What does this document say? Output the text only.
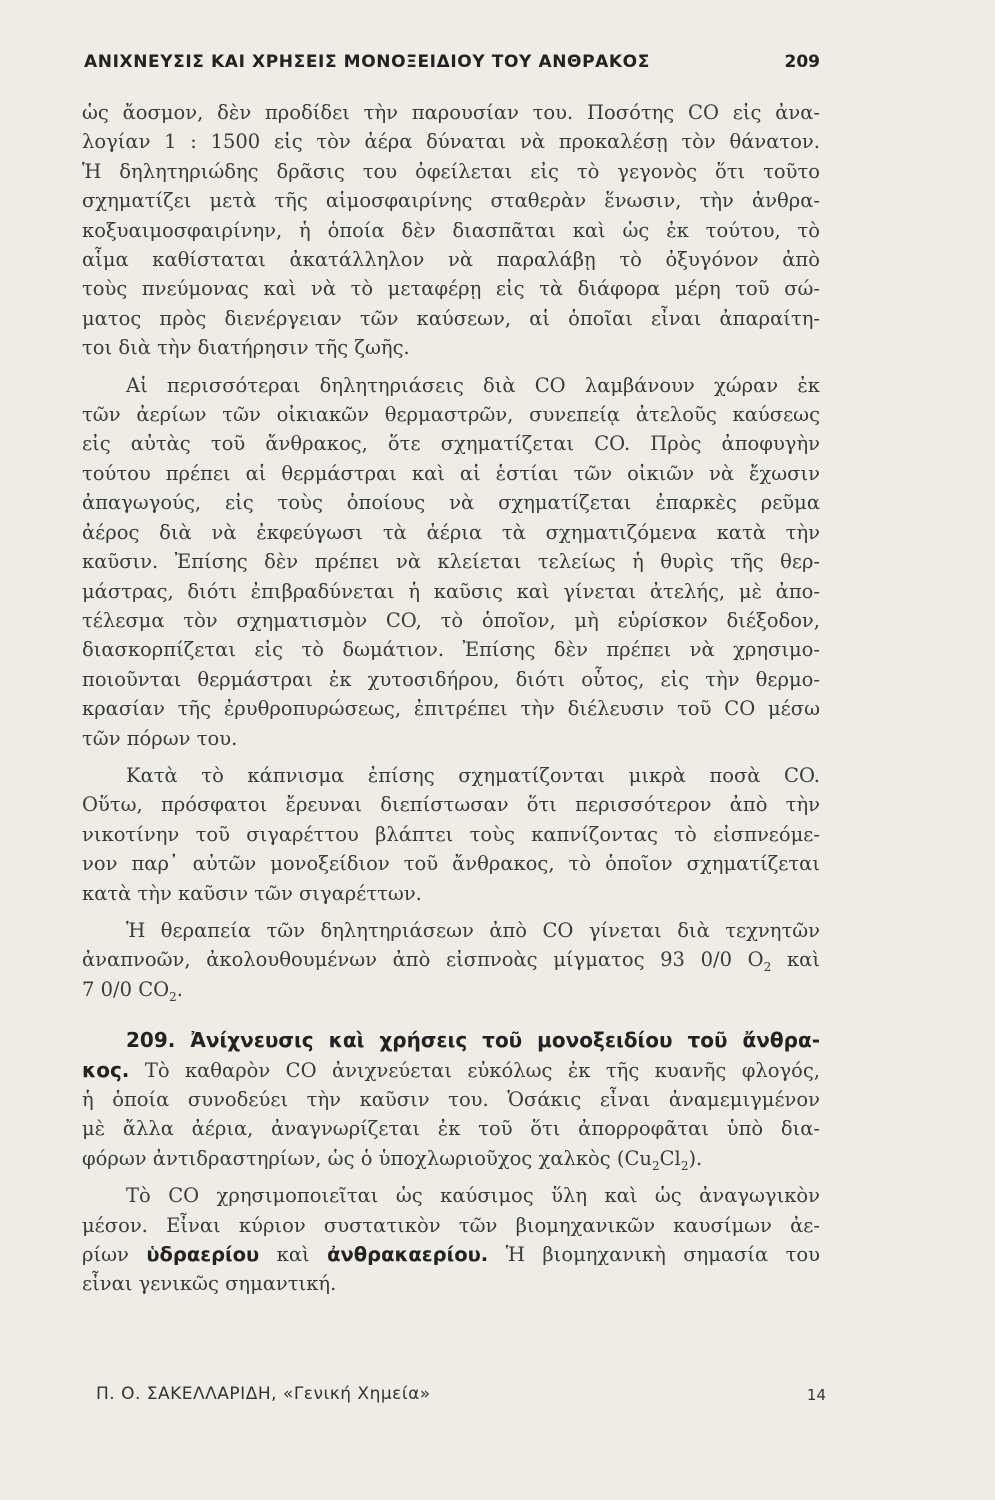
ΑΝΙΧΝΕΥΣΙΣ ΚΑΙ ΧΡΗΣΕΙΣ ΜΟΝΟΞΕΙΔΙΟΥ ΤΟΥ ΑΝΘΡΑΚΟΣ	209

ὡς ἄοσμον, δὲν προδίδει τὴν παρουσίαν του. Ποσότης CO εἰς ἀνα-
λογίαν 1 : 1500 εἰς τὸν ἀέρα δύναται νὰ προκαλέσῃ τὸν θάνατον.
Ἡ δηλητηριώδης δρᾶσις του ὀφείλεται εἰς τὸ γεγονὸς ὅτι τοῦτο
σχηματίζει μετὰ τῆς αἱμοσφαιρίνης σταθερὰν ἕνωσιν, τὴν ἀνθρα-
κοξυαιμοσφαιρίνην, ἡ ὁποία δὲν διασπᾶται καὶ ὡς ἐκ τούτου, τὸ
αἷμα καθίσταται ἀκατάλληλον νὰ παραλάβῃ τὸ ὀξυγόνον ἀπὸ
τοὺς πνεύμονας καὶ νὰ τὸ μεταφέρῃ εἰς τὰ διάφορα μέρη τοῦ σώ-
ματος πρὸς διενέργειαν τῶν καύσεων, αἱ ὁποῖαι εἶναι ἀπαραίτη-
τοι διὰ τὴν διατήρησιν τῆς ζωῆς.

Αἱ περισσότεραι δηλητηριάσεις διὰ CO λαμβάνουν χώραν ἐκ
τῶν ἀερίων τῶν οἰκιακῶν θερμαστρῶν, συνεπείᾳ ἀτελοῦς καύσεως
εἰς αὐτὰς τοῦ ἄνθρακος, ὅτε σχηματίζεται CO. Πρὸς ἀποφυγὴν
τούτου πρέπει αἱ θερμάστραι καὶ αἱ ἑστίαι τῶν οἰκιῶν νὰ ἔχωσιν
ἀπαγωγούς, εἰς τοὺς ὁποίους νὰ σχηματίζεται ἐπαρκὲς ρεῦμα
ἀέρος διὰ νὰ ἐκφεύγωσι τὰ ἀέρια τὰ σχηματιζόμενα κατὰ τὴν
καῦσιν. Ἐπίσης δὲν πρέπει νὰ κλείεται τελείως ἡ θυρὶς τῆς θερ-
μάστρας, διότι ἐπιβραδύνεται ἡ καῦσις καὶ γίνεται ἀτελής, μὲ ἀπο-
τέλεσμα τὸν σχηματισμὸν CO, τὸ ὁποῖον, μὴ εὑρίσκον διέξοδον,
διασκορπίζεται εἰς τὸ δωμάτιον. Ἐπίσης δὲν πρέπει νὰ χρησιμο-
ποιοῦνται θερμάστραι ἐκ χυτοσιδήρου, διότι οὗτος, εἰς τὴν θερμο-
κρασίαν τῆς ἐρυθροπυρώσεως, ἐπιτρέπει τὴν διέλευσιν τοῦ CO μέσω
τῶν πόρων του.

Κατὰ τὸ κάπνισμα ἐπίσης σχηματίζονται μικρὰ ποσὰ CO.
Οὕτω, πρόσφατοι ἔρευναι διεπίστωσαν ὅτι περισσότερον ἀπὸ τὴν
νικοτίνην τοῦ σιγαρέττου βλάπτει τοὺς καπνίζοντας τὸ εἰσπνεόμε-
νον παρ᾽ αὐτῶν μονοξείδιον τοῦ ἄνθρακος, τὸ ὁποῖον σχηματίζεται
κατὰ τὴν καῦσιν τῶν σιγαρέττων.

Ἡ θεραπεία τῶν δηλητηριάσεων ἀπὸ CO γίνεται διὰ τεχνητῶν
ἀναπνοῶν, ἀκολουθουμένων ἀπὸ εἰσπνοὰς μίγματος 93 0/0 $O_2$ καὶ
7 0/0 $CO_2$.

209. Ἀνίχνευσις καὶ χρήσεις τοῦ μονοξειδίου τοῦ ἄνθρα-
κος. Τὸ καθαρὸν CO ἀνιχνεύεται εὐκόλως ἐκ τῆς κυανῆς φλογός,
ἡ ὁποία συνοδεύει τὴν καῦσιν του. Ὁσάκις εἶναι ἀναμεμιγμένον
μὲ ἄλλα ἀέρια, ἀναγνωρίζεται ἐκ τοῦ ὅτι ἀπορροφᾶται ὑπὸ δια-
φόρων ἀντιδραστηρίων, ὡς ὁ ὑποχλωριοῦχος χαλκὸς $(Cu_2Cl_2)$.

Τὸ CO χρησιμοποιεῖται ὡς καύσιμος ὕλη καὶ ὡς ἀναγωγικὸν
μέσον. Εἶναι κύριον συστατικὸν τῶν βιομηχανικῶν καυσίμων ἀε-
ρίων ὑδραερίου καὶ ἀνθρακαερίου. Ἡ βιομηχανικὴ σημασία του
εἶναι γενικῶς σημαντική.

Π. Ο. ΣΑΚΕΛΛΑΡΙΔΗ, «Γενική Χημεία»	14
